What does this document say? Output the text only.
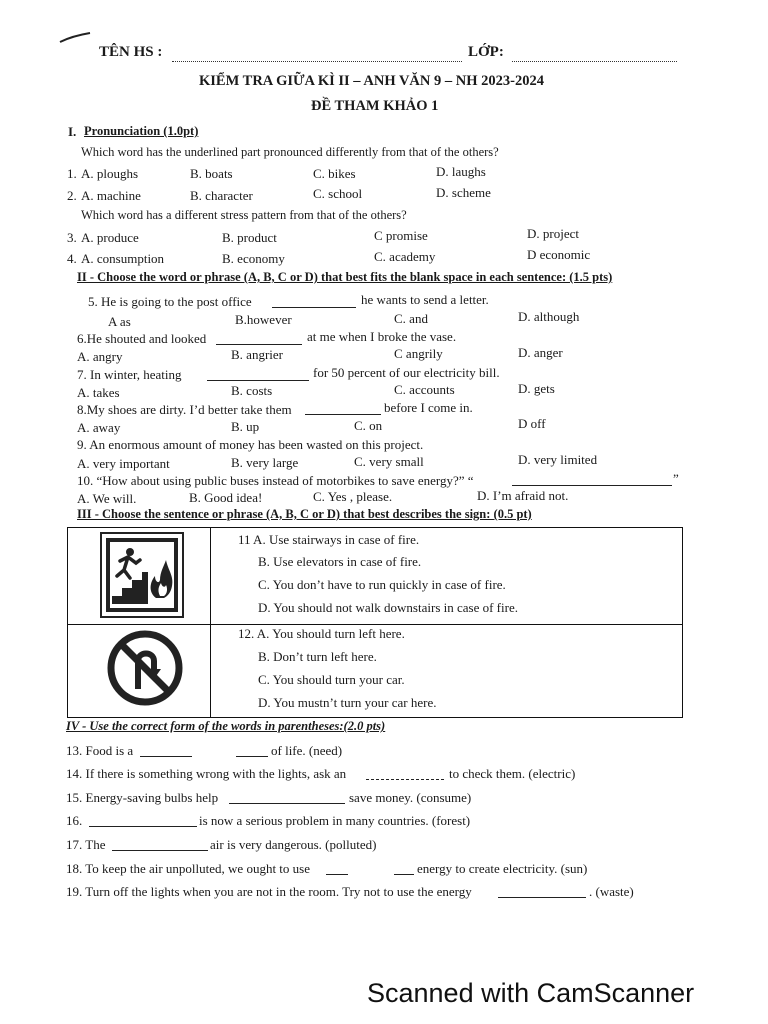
TÊN HS :	LỚP:
KIỂM TRA GIỮA KÌ II – ANH VĂN 9 – NH 2023-2024
ĐỀ THAM KHẢO 1
I. Pronunciation (1.0pt)
Which word has the underlined part pronounced differently from that of the others?
1. A. ploughs	B. boats	C. bikes	D. laughs
2. A. machine	B. character	C. school	D. scheme
Which word has a different stress pattern from that of the others?
3. A. produce	B. product	C promise	D. project
4. A. consumption	B. economy	C. academy	D economic
II - Choose the word or phrase (A, B, C or D) that best fits the blank space in each sentence: (1.5 pts)
5. He is going to the post office	he wants to send a letter.
A as	B.however	C. and	D. although
6.He shouted and looked	at me when I broke the vase.
A. angry	B. angrier	C angrily	D. anger
7. In winter, heating	for 50 percent of our electricity bill.
A. takes	B. costs	C. accounts	D. gets
8.My shoes are dirty. I’d better take them	before I come in.
A. away	B. up	C. on	D off
9. An enormous amount of money has been wasted on this project.
A. very important	B. very large	C. very small	D. very limited
10. “How about using public buses instead of motorbikes to save energy?” “	”
A. We will.	B. Good idea!	C. Yes , please.	D. I’m afraid not.
III - Choose the sentence or phrase (A, B, C or D) that best describes the sign: (0.5 pt)
11 A. Use stairways in case of fire.
B. Use elevators in case of fire.
C. You don’t have to run quickly in case of fire.
D. You should not walk downstairs in case of fire.
12. A. You should turn left here.
B. Don’t turn left here.
C. You should turn your car.
D. You mustn’t turn your car here.
IV - Use the correct form of the words in parentheses:(2.0 pts)
13. Food is a	of life. (need)
14. If there is something wrong with the lights, ask an	to check them. (electric)
15. Energy-saving bulbs help	save money. (consume)
16.	is now a serious problem in many countries. (forest)
17. The	air is very dangerous. (polluted)
18. To keep the air unpolluted, we ought to use	energy to create electricity. (sun)
19. Turn off the lights when you are not in the room. Try not to use the energy	. (waste)
Scanned with CamScanner
